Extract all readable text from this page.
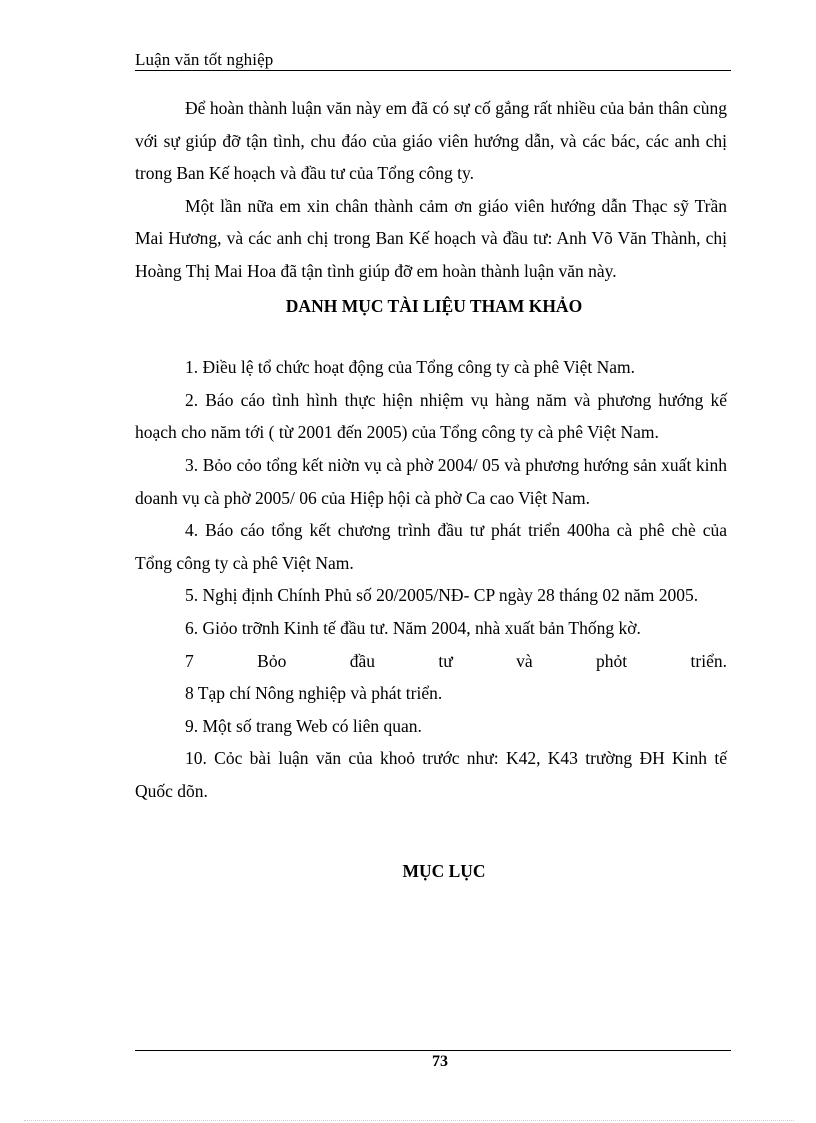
Luận văn tốt nghiệp

Để hoàn thành luận văn này em đã có sự cố gắng rất nhiều của bản thân cùng với sự giúp đỡ tận tình, chu đáo của giáo viên hướng dẫn, và các bác, các anh chị trong Ban Kế hoạch và đầu tư của Tổng công ty.

Một lần nữa em xin chân thành cảm ơn giáo viên hướng dẫn Thạc sỹ Trần Mai Hương, và các anh chị trong Ban Kế hoạch và đầu tư: Anh Võ Văn Thành, chị Hoàng Thị Mai Hoa đã tận tình giúp đỡ em hoàn thành luận văn này.

DANH MỤC TÀI LIỆU THAM KHẢO

1. Điều lệ tổ chức hoạt động của Tổng công ty cà phê Việt Nam.

2. Báo cáo tình hình thực hiện nhiệm vụ hàng năm và phương hướng kế hoạch cho năm tới ( từ 2001 đến 2005) của Tổng công ty cà phê Việt Nam.

3. Bỏo cỏo tổng kết niờn vụ cà phờ 2004/ 05 và phương hướng sản xuất kinh doanh vụ cà phờ 2005/ 06 của Hiệp hội cà phờ Ca cao Việt Nam.

4. Báo cáo tổng kết chương trình đầu tư phát triển 400ha cà phê chè của Tổng công ty cà phê Việt Nam.

5. Nghị định Chính Phủ số 20/2005/NĐ- CP ngày 28 tháng 02 năm 2005.

6. Giỏo trỡnh Kinh tế đầu tư. Năm 2004, nhà xuất bản Thống kờ.

7 Bỏo đầu tư và phỏt triển.

8 Tạp chí Nông nghiệp và phát triển.

9. Một số trang Web có liên quan.

10. Cỏc bài luận văn của khoỏ trước như: K42, K43 trường ĐH Kinh tế Quốc dõn.

MỤC LỤC
73
